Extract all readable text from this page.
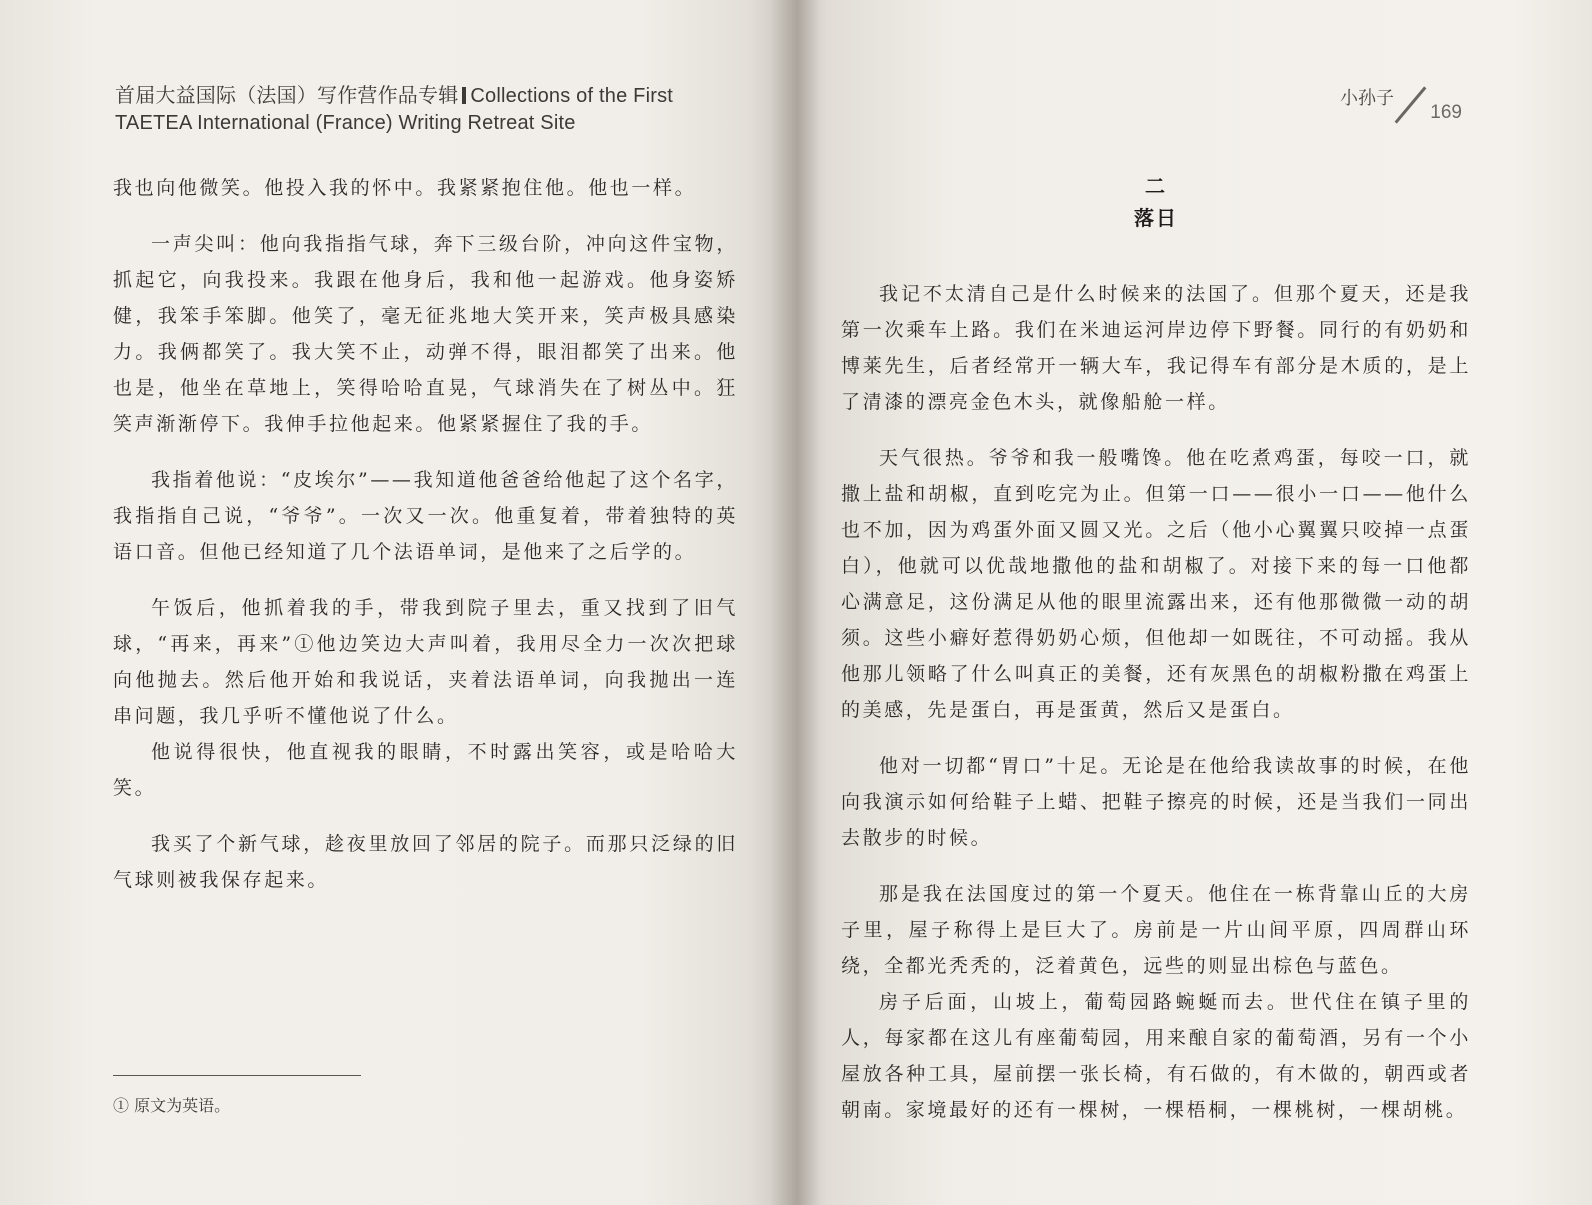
首届大益国际（法国）写作营作品专辑 Collections of the First
TAETEA International (France) Writing Retreat Site

我也向他微笑。他投入我的怀中。我紧紧抱住他。他也一样。

一声尖叫：他向我指指气球，奔下三级台阶，冲向这件宝物，抓起它，向我投来。我跟在他身后，我和他一起游戏。他身姿矫健，我笨手笨脚。他笑了，毫无征兆地大笑开来，笑声极具感染力。我俩都笑了。我大笑不止，动弹不得，眼泪都笑了出来。他也是，他坐在草地上，笑得哈哈直晃，气球消失在了树丛中。狂笑声渐渐停下。我伸手拉他起来。他紧紧握住了我的手。

我指着他说：“皮埃尔”——我知道他爸爸给他起了这个名字，我指指自己说，“爷爷”。一次又一次。他重复着，带着独特的英语口音。但他已经知道了几个法语单词，是他来了之后学的。

午饭后，他抓着我的手，带我到院子里去，重又找到了旧气球，“再来，再来”①他边笑边大声叫着，我用尽全力一次次把球向他抛去。然后他开始和我说话，夹着法语单词，向我抛出一连串问题，我几乎听不懂他说了什么。

他说得很快，他直视我的眼睛，不时露出笑容，或是哈哈大笑。

我买了个新气球，趁夜里放回了邻居的院子。而那只泛绿的旧气球则被我保存起来。

① 原文为英语。
小孙子
169
二
落日

我记不太清自己是什么时候来的法国了。但那个夏天，还是我第一次乘车上路。我们在米迪运河岸边停下野餐。同行的有奶奶和博莱先生，后者经常开一辆大车，我记得车有部分是木质的，是上了清漆的漂亮金色木头，就像船舱一样。

天气很热。爷爷和我一般嘴馋。他在吃煮鸡蛋，每咬一口，就撒上盐和胡椒，直到吃完为止。但第一口——很小一口——他什么也不加，因为鸡蛋外面又圆又光。之后（他小心翼翼只咬掉一点蛋白），他就可以优哉地撒他的盐和胡椒了。对接下来的每一口他都心满意足，这份满足从他的眼里流露出来，还有他那微微一动的胡须。这些小癖好惹得奶奶心烦，但他却一如既往，不可动摇。我从他那儿领略了什么叫真正的美餐，还有灰黑色的胡椒粉撒在鸡蛋上的美感，先是蛋白，再是蛋黄，然后又是蛋白。

他对一切都“胃口”十足。无论是在他给我读故事的时候，在他向我演示如何给鞋子上蜡、把鞋子擦亮的时候，还是当我们一同出去散步的时候。

那是我在法国度过的第一个夏天。他住在一栋背靠山丘的大房子里，屋子称得上是巨大了。房前是一片山间平原，四周群山环绕，全都光秃秃的，泛着黄色，远些的则显出棕色与蓝色。

房子后面，山坡上，葡萄园路蜿蜒而去。世代住在镇子里的人，每家都在这儿有座葡萄园，用来酿自家的葡萄酒，另有一个小屋放各种工具，屋前摆一张长椅，有石做的，有木做的，朝西或者朝南。家境最好的还有一棵树，一棵梧桐，一棵桃树，一棵胡桃。
